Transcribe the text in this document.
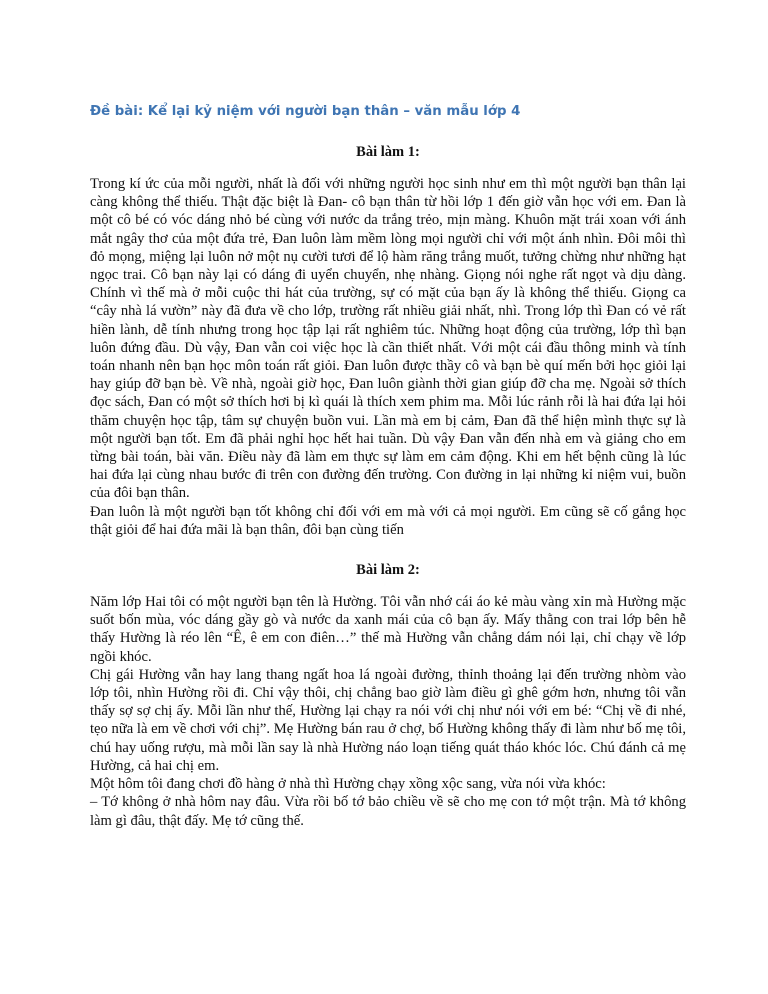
Đề bài: Kể lại kỷ niệm với người bạn thân – văn mẫu lớp 4
Bài làm 1:

Trong kí ức của mỗi người, nhất là đối với những người học sinh như em thì một người bạn thân lại càng không thể thiếu. Thật đặc biệt là Đan- cô bạn thân từ hồi lớp 1 đến giờ vẫn học với em. Đan là một cô bé có vóc dáng nhỏ bé cùng với nước da trắng trẻo, mịn màng. Khuôn mặt trái xoan với ánh mắt ngây thơ của một đứa trẻ, Đan luôn làm mềm lòng mọi người chỉ với một ánh nhìn. Đôi môi thì đỏ mọng, miệng lại luôn nở một nụ cười tươi để lộ hàm răng trắng muốt, tưởng chừng như những hạt ngọc trai. Cô bạn này lại có dáng đi uyển chuyển, nhẹ nhàng. Giọng nói nghe rất ngọt và dịu dàng. Chính vì thế mà ở mỗi cuộc thi hát của trường, sự có mặt của bạn ấy là không thể thiếu. Giọng ca “cây nhà lá vườn” này đã đưa về cho lớp, trường rất nhiều giải nhất, nhì. Trong lớp thì Đan có vẻ rất hiền lành, dễ tính nhưng trong học tập lại rất nghiêm túc. Những hoạt động của trường, lớp thì bạn luôn đứng đầu. Dù vậy, Đan vẫn coi việc học là cần thiết nhất. Với một cái đầu thông minh và tính toán nhanh nên bạn học môn toán rất giỏi. Đan luôn được thầy cô và bạn bè quí mến bởi học giỏi lại hay giúp đỡ bạn bè. Về nhà, ngoài giờ học, Đan luôn giành thời gian giúp đỡ cha mẹ. Ngoài sở thích đọc sách, Đan có một sở thích hơi bị kì quái là thích xem phim ma. Mỗi lúc rảnh rỗi là hai đứa lại hỏi thăm chuyện học tập, tâm sự chuyện buồn vui. Lần mà em bị cảm, Đan đã thể hiện mình thực sự là một người bạn tốt. Em đã phải nghỉ học hết hai tuần. Dù vậy Đan vẫn đến nhà em và giảng cho em từng bài toán, bài văn. Điều này đã làm em thực sự làm em cảm động. Khi em hết bệnh cũng là lúc hai đứa lại cùng nhau bước đi trên con đường đến trường. Con đường in lại những kỉ niệm vui, buồn của đôi bạn thân.

Đan luôn là một người bạn tốt không chỉ đối với em mà với cả mọi người. Em cũng sẽ cố gắng học thật giỏi để hai đứa mãi là bạn thân, đôi bạn cùng tiến

Bài làm 2:

Năm lớp Hai tôi có một người bạn tên là Hường. Tôi vẫn nhớ cái áo kẻ màu vàng xỉn mà Hường mặc suốt bốn mùa, vóc dáng gầy gò và nước da xanh mái của cô bạn ấy. Mấy thằng con trai lớp bên hễ thấy Hường là réo lên “Ê, ê em con điên…” thế mà Hường vẫn chẳng dám nói lại, chỉ chạy về lớp ngồi khóc.

Chị gái Hường vẫn hay lang thang ngất hoa lá ngoài đường, thỉnh thoảng lại đến trường nhòm vào lớp tôi, nhìn Hường rồi đi. Chỉ vậy thôi, chị chẳng bao giờ làm điều gì ghê gớm hơn, nhưng tôi vẫn thấy sợ sợ chị ấy. Mỗi lần như thế, Hường lại chạy ra nói với chị như nói với em bé: “Chị về đi nhé, tẹo nữa là em về chơi với chị”. Mẹ Hường bán rau ở chợ, bố Hường không thấy đi làm như bố mẹ tôi, chú hay uống rượu, mà mỗi lần say là nhà Hường náo loạn tiếng quát tháo khóc lóc. Chú đánh cả mẹ Hường, cả hai chị em.

Một hôm tôi đang chơi đồ hàng ở nhà thì Hường chạy xồng xộc sang, vừa nói vừa khóc:

– Tớ không ở nhà hôm nay đâu. Vừa rồi bố tớ bảo chiều về sẽ cho mẹ con tớ một trận. Mà tớ không làm gì đâu, thật đấy. Mẹ tớ cũng thế.
